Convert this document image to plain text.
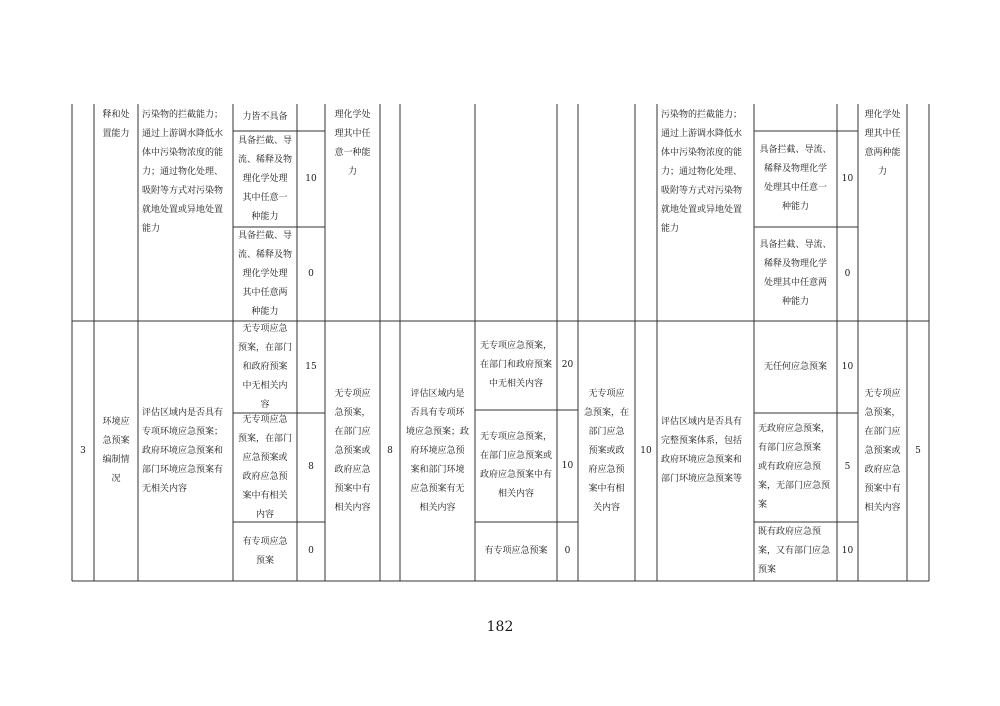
释和处
置能力
污染物的拦截能力；
通过上游调水降低水
体中污染物浓度的能
力；通过物化处理、
吸附等方式对污染物
就地处置或异地处置
能力
力皆不具备
具备拦截、导
流、稀释及物
理化学处理
其中任意一
种能力
10
具备拦截、导
流、稀释及物
理化学处理
其中任意两
种能力
0
理化学处
理其中任
意一种能
力
污染物的拦截能力；
通过上游调水降低水
体中污染物浓度的能
力；通过物化处理、
吸附等方式对污染物
就地处置或异地处置
能力
具备拦截、导流、
稀释及物理化学
处理其中任意一
种能力
10
具备拦截、导流、
稀释及物理化学
处理其中任意两
种能力
0
理化学处
理其中任
意两种能
力
3
环境应
急预案
编制情
况
评估区域内是否具有
专项环境应急预案；
政府环境应急预案和
部门环境应急预案有
无相关内容
无专项应急
预案，在部门
和政府预案
中无相关内
容
15
无专项应急
预案，在部门
应急预案或
政府应急预
案中有相关
内容
8
有专项应急
预案
0
无专项应
急预案，
在部门应
急预案或
政府应急
预案中有
相关内容
8
评估区域内是
否具有专项环
境应急预案；政
府环境应急预
案和部门环境
应急预案有无
相关内容
无专项应急预案，
在部门和政府预案
中无相关内容
20
无专项应急预案，
在部门应急预案或
政府应急预案中有
相关内容
10
有专项应急预案 0
无专项应
急预案，在
部门应急
预案或政
府应急预
案中有相
关内容
10
评估区域内是否具有
完整预案体系，包括
政府环境应急预案和
部门环境应急预案等
无任何应急预案 10
无政府应急预案，
有部门应急预案
或有政府应急预
案，无部门应急预
案
5
既有政府应急预
案，又有部门应急
预案
10
无专项应
急预案，
在部门应
急预案或
政府应急
预案中有
相关内容
5
182
